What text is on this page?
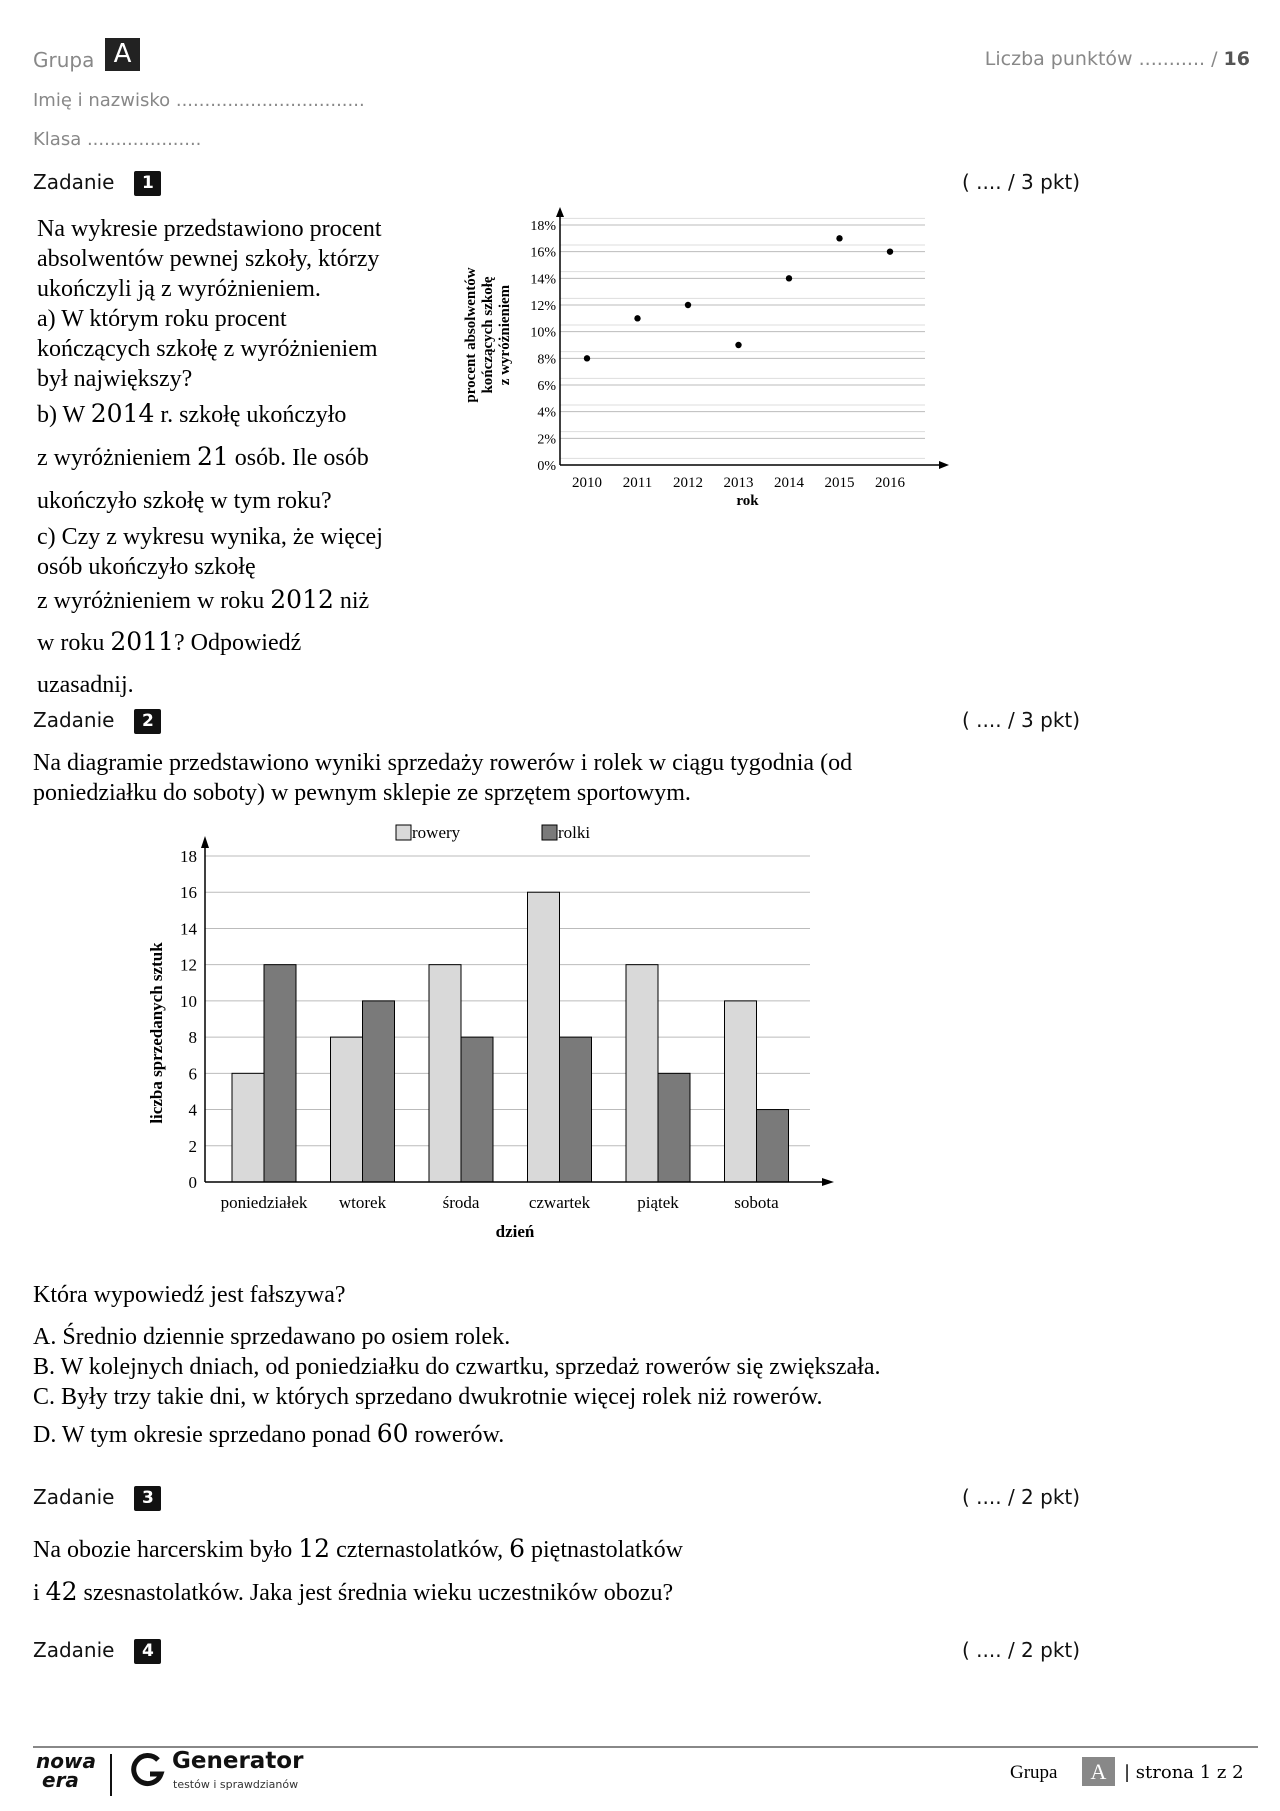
Grupa A	Liczba punktów ........... / 16
Imię i nazwisko .................................
Klasa ....................
Zadanie 1	( .... / 3 pkt)

Na wykresie przedstawiono procent

absolwentów pewnej szkoły, którzy

ukończyli ją z wyróżnieniem.

a) W którym roku procent

kończących szkołę z wyróżnieniem

był największy?

b) W 2014 r. szkołę ukończyło

z wyróżnieniem 21 osób. Ile osób

ukończyło szkołę w tym roku?

c) Czy z wykresu wynika, że więcej

osób ukończyło szkołę

z wyróżnieniem w roku 2012 niż

w roku 2011? Odpowiedź

uzasadnij.

0%
2%
4%
6%
8%
10%
12%
14%
16%
18%
2010 2011 2012 2013 2014 2015 2016
rok
procent absolwentów kończących szkołę z wyróżnieniem
Zadanie 2	( .... / 3 pkt)
Na diagramie przedstawiono wyniki sprzedaży rowerów i rolek w ciągu tygodnia (od
poniedziałku do soboty) w pewnym sklepie ze sprzętem sportowym.
0
2
4
6
8
10
12
14
16
18
poniedziałek wtorek	środa	czwartek	piątek	sobota
dzień
liczba sprzedanych sztuk
rowery	rolki
Która wypowiedź jest fałszywa?
A. Średnio dziennie sprzedawano po osiem rolek.
B. W kolejnych dniach, od poniedziałku do czwartku, sprzedaż rowerów się zwiększała.
C. Były trzy takie dni, w których sprzedano dwukrotnie więcej rolek niż rowerów.
D. W tym okresie sprzedano ponad 60 rowerów.
Zadanie 3	( .... / 2 pkt)
Na obozie harcerskim było 12 czternastolatków, 6 piętnastolatków
i 42 szesnastolatków. Jaka jest średnia wieku uczestników obozu?
Zadanie 4	( .... / 2 pkt)
nowa
era
Generator
testów i sprawdzianów
Grupa	A | strona 1 z 2
